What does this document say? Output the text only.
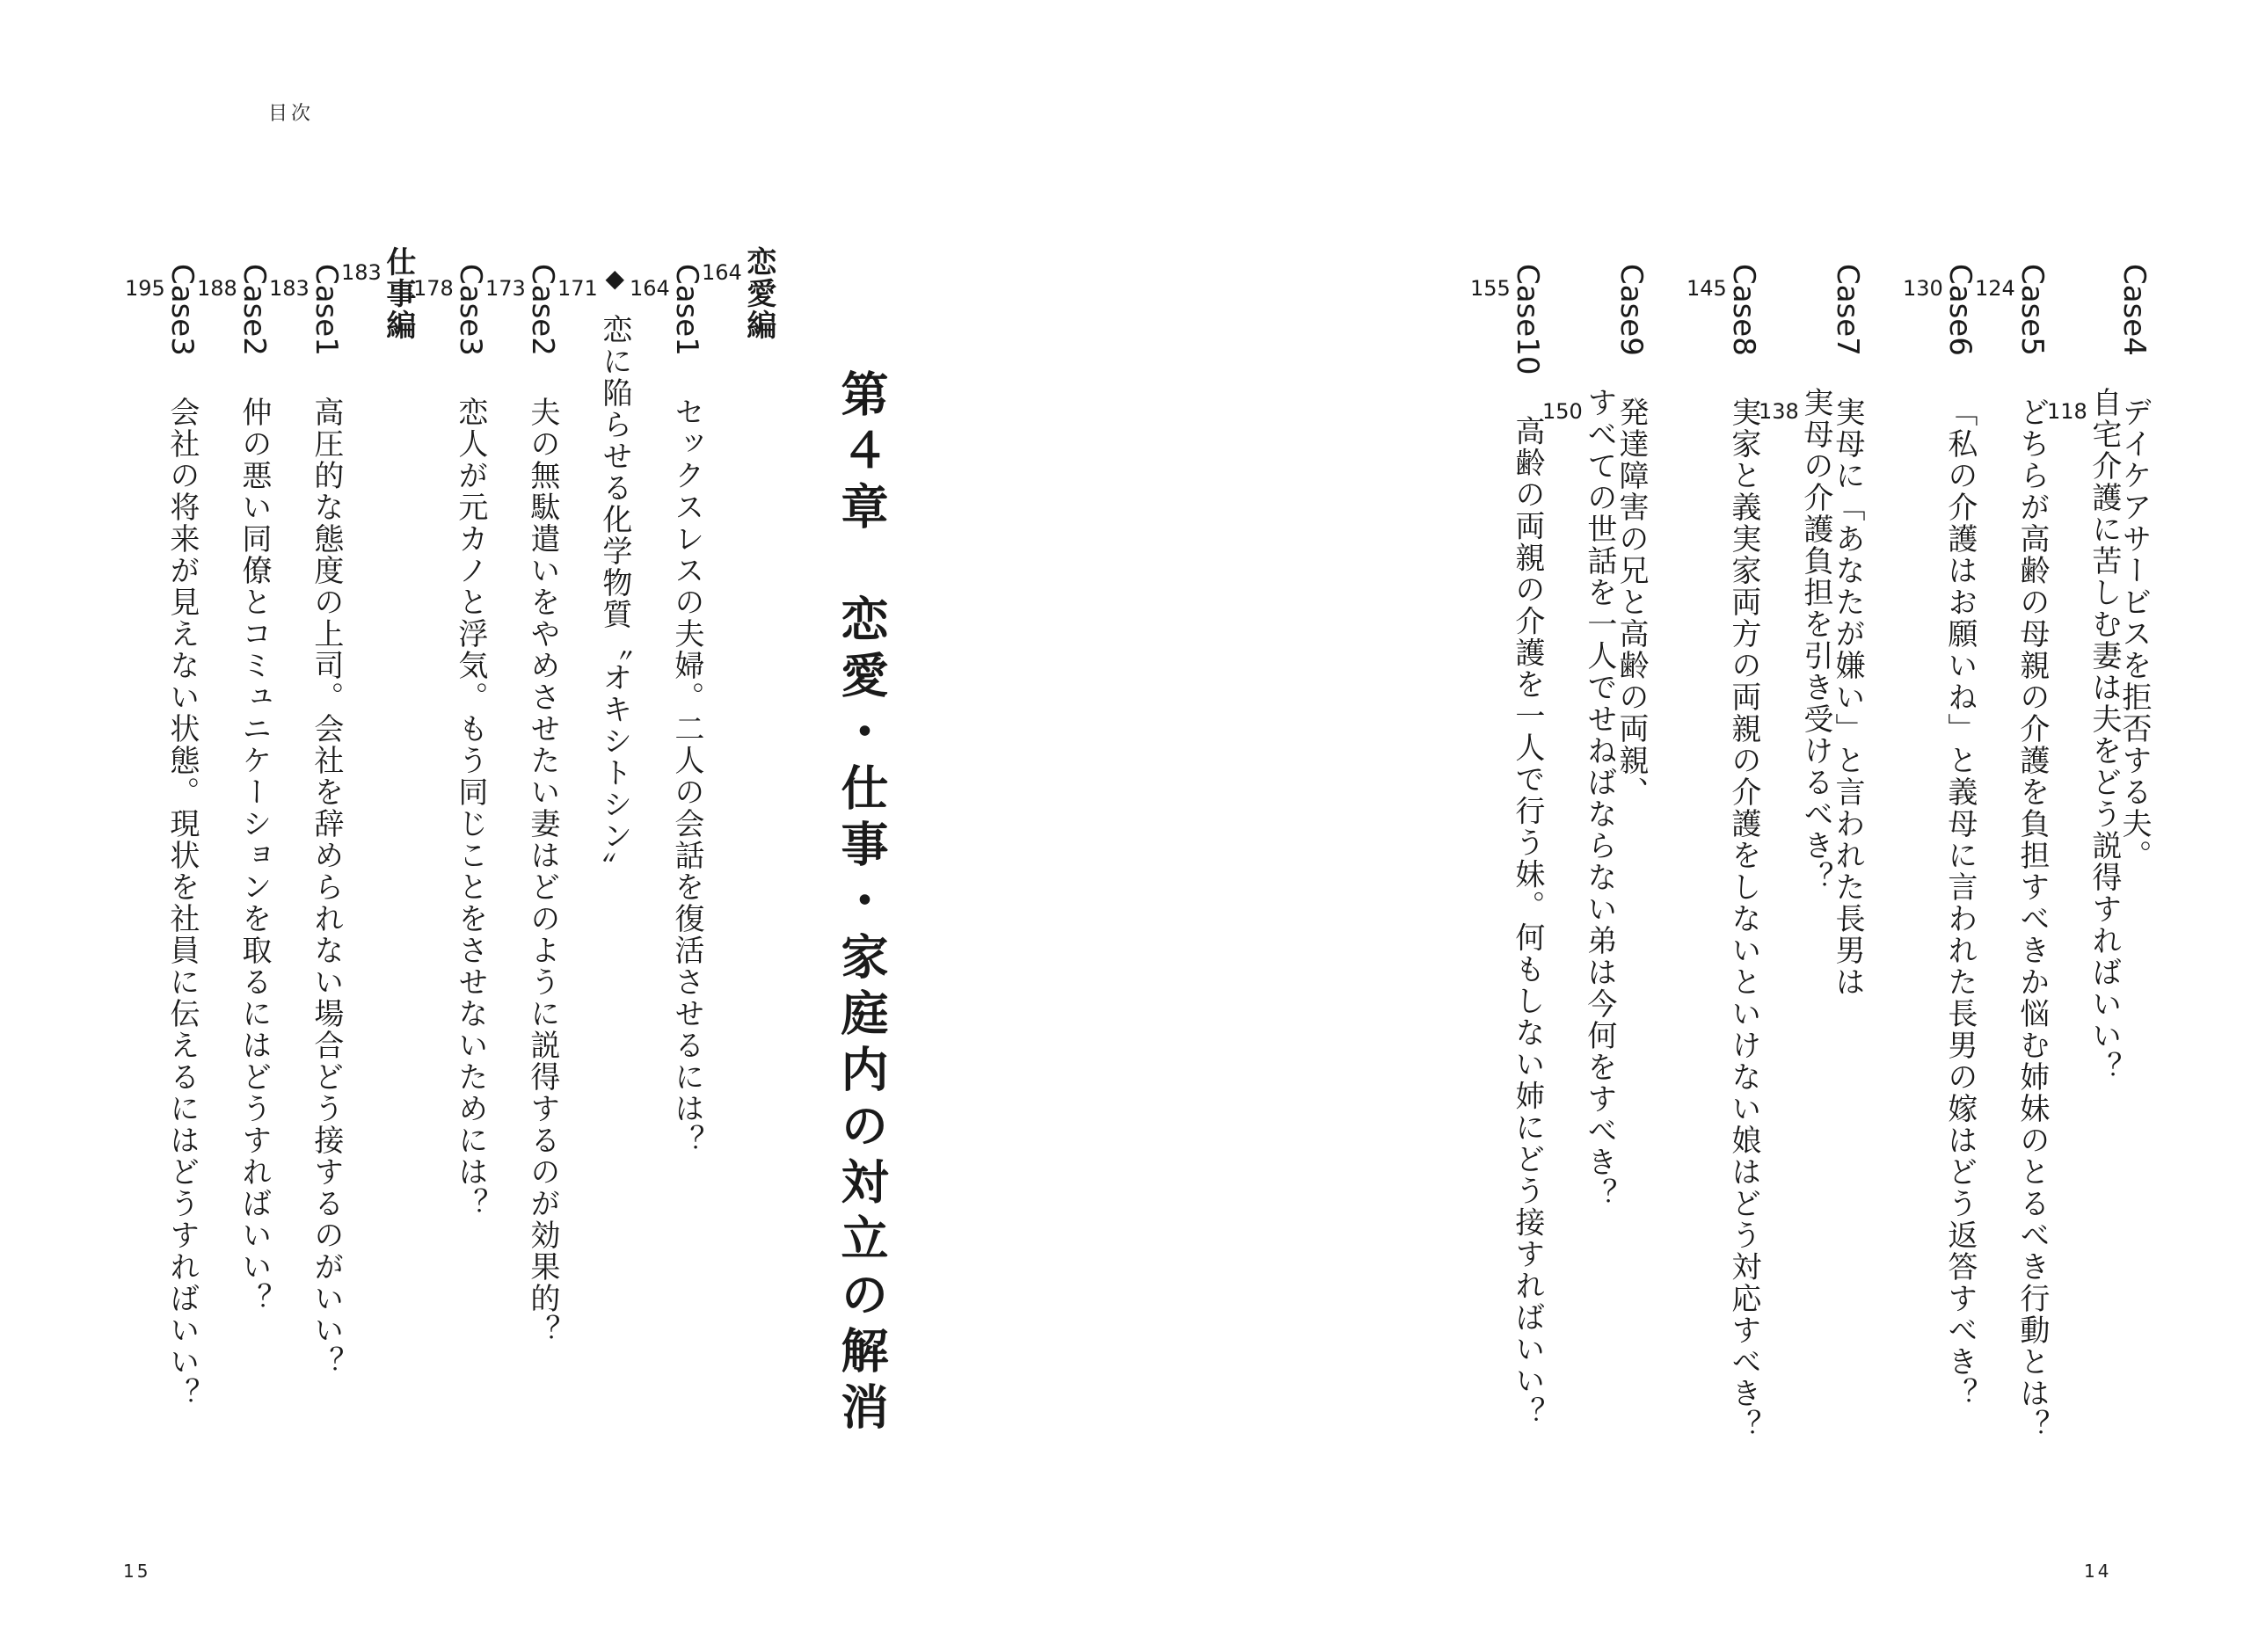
目次
第４章　恋愛・仕事・家庭内の対立の解消
恋愛編
164
Case1セックスレスの夫婦。二人の会話を復活させるには？
164
◆恋に陥らせる化学物質〝オキシトシン〟
171
Case2夫の無駄遣いをやめさせたい妻はどのように説得するのが効果的？
173
Case3恋人が元カノと浮気。もう同じことをさせないためには？
178
仕事編
183
Case1高圧的な態度の上司。会社を辞められない場合どう接するのがいい？
183
Case2仲の悪い同僚とコミュニケーションを取るにはどうすればいい？
188
Case3会社の将来が見えない状態。現状を社員に伝えるにはどうすればいい？
195
15
Case4デイケアサービスを拒否する夫。
自宅介護に苦しむ妻は夫をどう説得すればいい？
118
Case5どちらが高齢の母親の介護を負担すべきか悩む姉妹のとるべき行動とは？
124
Case6「私の介護はお願いね」と義母に言われた長男の嫁はどう返答すべき？
130
Case7実母に「あなたが嫌い」と言われた長男は
実母の介護負担を引き受けるべき？
138
Case8実家と義実家両方の両親の介護をしないといけない娘はどう対応すべき？
145
Case9発達障害の兄と高齢の両親、
すべての世話を一人でせねばならない弟は今何をすべき？
150
Case10高齢の両親の介護を一人で行う妹。何もしない姉にどう接すればいい？
155
14
